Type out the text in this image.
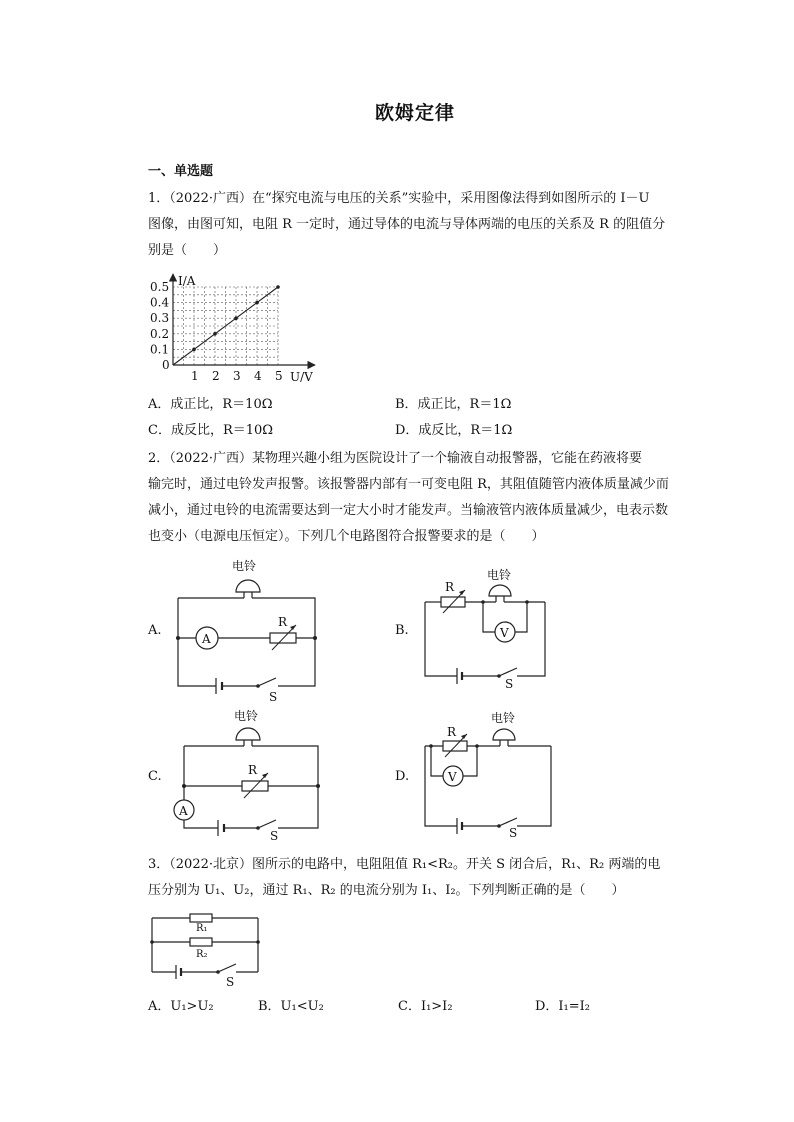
欧姆定律
一、单选题
1．（2022·广西）在“探究电流与电压的关系”实验中，采用图像法得到如图所示的 I－U
图像，由图可知，电阻 R 一定时，通过导体的电流与导体两端的电压的关系及 R 的阻值分
别是（　　）
I/A
U/V
0
1 2 3 4 5
0.1
0.2
0.3
0.4
0.5
A．成正比，R＝10Ω	B．成正比，R＝1Ω
C．成反比，R＝10Ω	D．成反比，R＝1Ω
2．（2022·广西）某物理兴趣小组为医院设计了一个输液自动报警器，它能在药液将要
输完时，通过电铃发声报警。该报警器内部有一可变电阻 R，其阻值随管内液体质量减少而
减小，通过电铃的电流需要达到一定大小时才能发声。当输液管内液体质量减少，电表示数
也变小（电源电压恒定）。下列几个电路图符合报警要求的是（　　）
A.
电铃
S
A
R
B.
电铃
R
V
S
C.
电铃
A
S
R	D.
电铃
R
V
S
3．（2022·北京）图所示的电路中，电阻阻值 R₁<R₂。开关 S 闭合后，R₁、R₂ 两端的电
压分别为 U₁、U₂，通过 R₁、R₂ 的电流分别为 I₁、I₂。下列判断正确的是（　　）
R₁
R₂
S
A．U₁>U₂	B．U₁<U₂	C．I₁>I₂	D．I₁=I₂
